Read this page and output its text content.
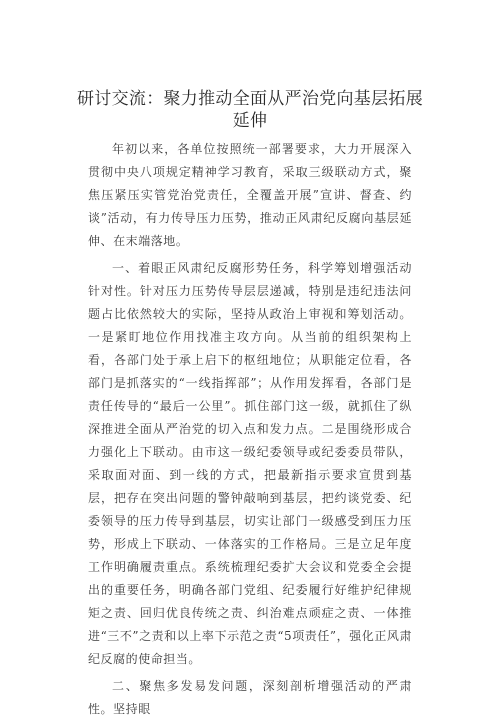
研讨交流：聚力推动全面从严治党向基层拓展延伸

年初以来，各单位按照统一部署要求，大力开展深入贯彻中央八项规定精神学习教育，采取三级联动方式，聚焦压紧压实管党治党责任，全覆盖开展”宣讲、督查、约谈”活动，有力传导压力压势，推动正风肃纪反腐向基层延伸、在末端落地。

一、着眼正风肃纪反腐形势任务，科学筹划增强活动针对性。针对压力压势传导层层递减，特别是违纪违法问题占比依然较大的实际，坚持从政治上审视和筹划活动。一是紧盯地位作用找准主攻方向。从当前的组织架构上看，各部门处于承上启下的枢纽地位；从职能定位看，各部门是抓落实的“一线指挥部”；从作用发挥看，各部门是责任传导的“最后一公里”。抓住部门这一级，就抓住了纵深推进全面从严治党的切入点和发力点。二是围绕形成合力强化上下联动。由市这一级纪委领导或纪委委员带队，采取面对面、到一线的方式，把最新指示要求宣贯到基层，把存在突出问题的警钟敲响到基层，把约谈党委、纪委领导的压力传导到基层，切实让部门一级感受到压力压势，形成上下联动、一体落实的工作格局。三是立足年度工作明确履责重点。系统梳理纪委扩大会议和党委全会提出的重要任务，明确各部门党组、纪委履行好维护纪律规矩之责、回归优良传统之责、纠治难点顽症之责、一体推进“三不”之责和以上率下示范之责“5项责任”，强化正风肃纪反腐的使命担当。

二、聚焦多发易发问题，深刻剖析增强活动的严肃性。坚持眼
